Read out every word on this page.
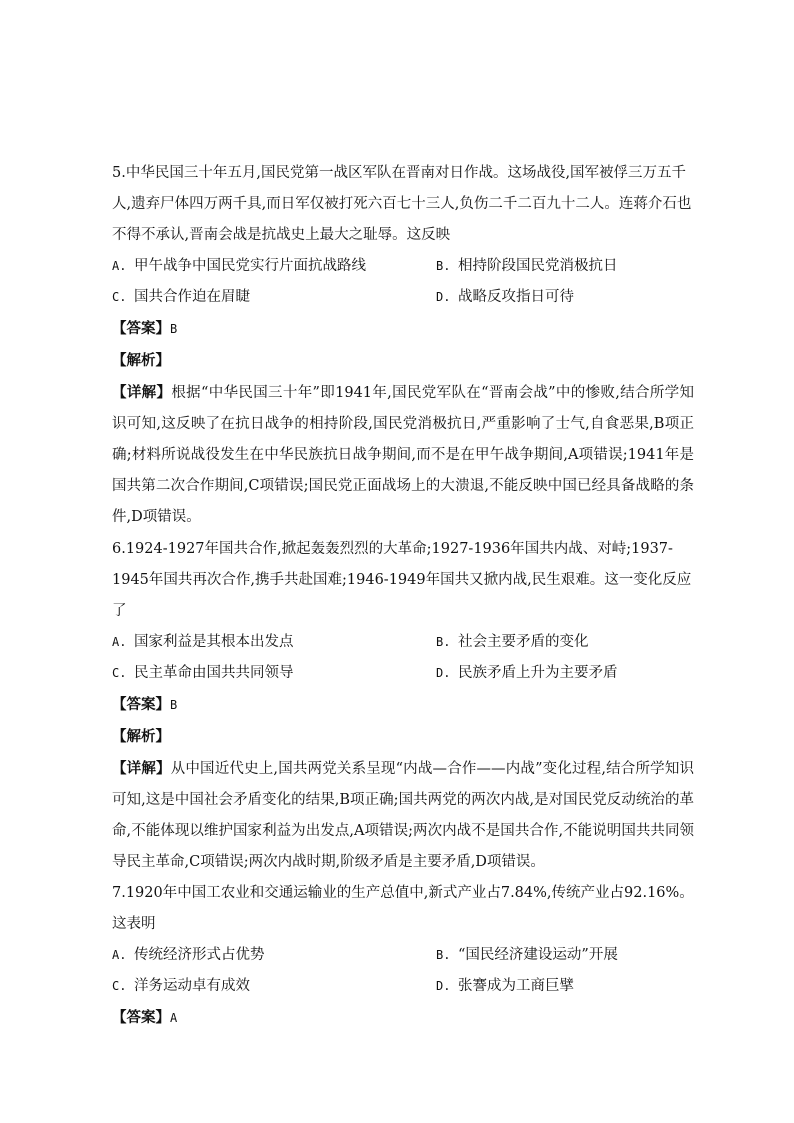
5.中华民国三十年五月,国民党第一战区军队在晋南对日作战。这场战役,国军被俘三万五千人,遗弃尸体四万两千具,而日军仅被打死六百七十三人,负伤二千二百九十二人。连蒋介石也不得不承认,晋南会战是抗战史上最大之耻辱。这反映

A. 甲午战争中国民党实行片面抗战路线	B. 相持阶段国民党消极抗日
C. 国共合作迫在眉睫	D. 战略反攻指日可待

【答案】B

【解析】

【详解】根据“中华民国三十年”即1941年,国民党军队在“晋南会战”中的惨败,结合所学知识可知,这反映了在抗日战争的相持阶段,国民党消极抗日,严重影响了士气,自食恶果,B项正确;材料所说战役发生在中华民族抗日战争期间,而不是在甲午战争期间,A项错误;1941年是国共第二次合作期间,C项错误;国民党正面战场上的大溃退,不能反映中国已经具备战略的条件,D项错误。

6.1924-1927年国共合作,掀起轰轰烈烈的大革命;1927-1936年国共内战、对峙;1937-1945年国共再次合作,携手共赴国难;1946-1949年国共又掀内战,民生艰难。这一变化反应了

A. 国家利益是其根本出发点	B. 社会主要矛盾的变化
C. 民主革命由国共共同领导	D. 民族矛盾上升为主要矛盾

【答案】B

【解析】

【详解】从中国近代史上,国共两党关系呈现“内战—合作——内战”变化过程,结合所学知识可知,这是中国社会矛盾变化的结果,B项正确;国共两党的两次内战,是对国民党反动统治的革命,不能体现以维护国家利益为出发点,A项错误;两次内战不是国共合作,不能说明国共共同领导民主革命,C项错误;两次内战时期,阶级矛盾是主要矛盾,D项错误。

7.1920年中国工农业和交通运输业的生产总值中,新式产业占7.84%,传统产业占92.16%。这表明

A. 传统经济形式占优势	B. “国民经济建设运动”开展
C. 洋务运动卓有成效	D. 张謇成为工商巨擘

【答案】A
